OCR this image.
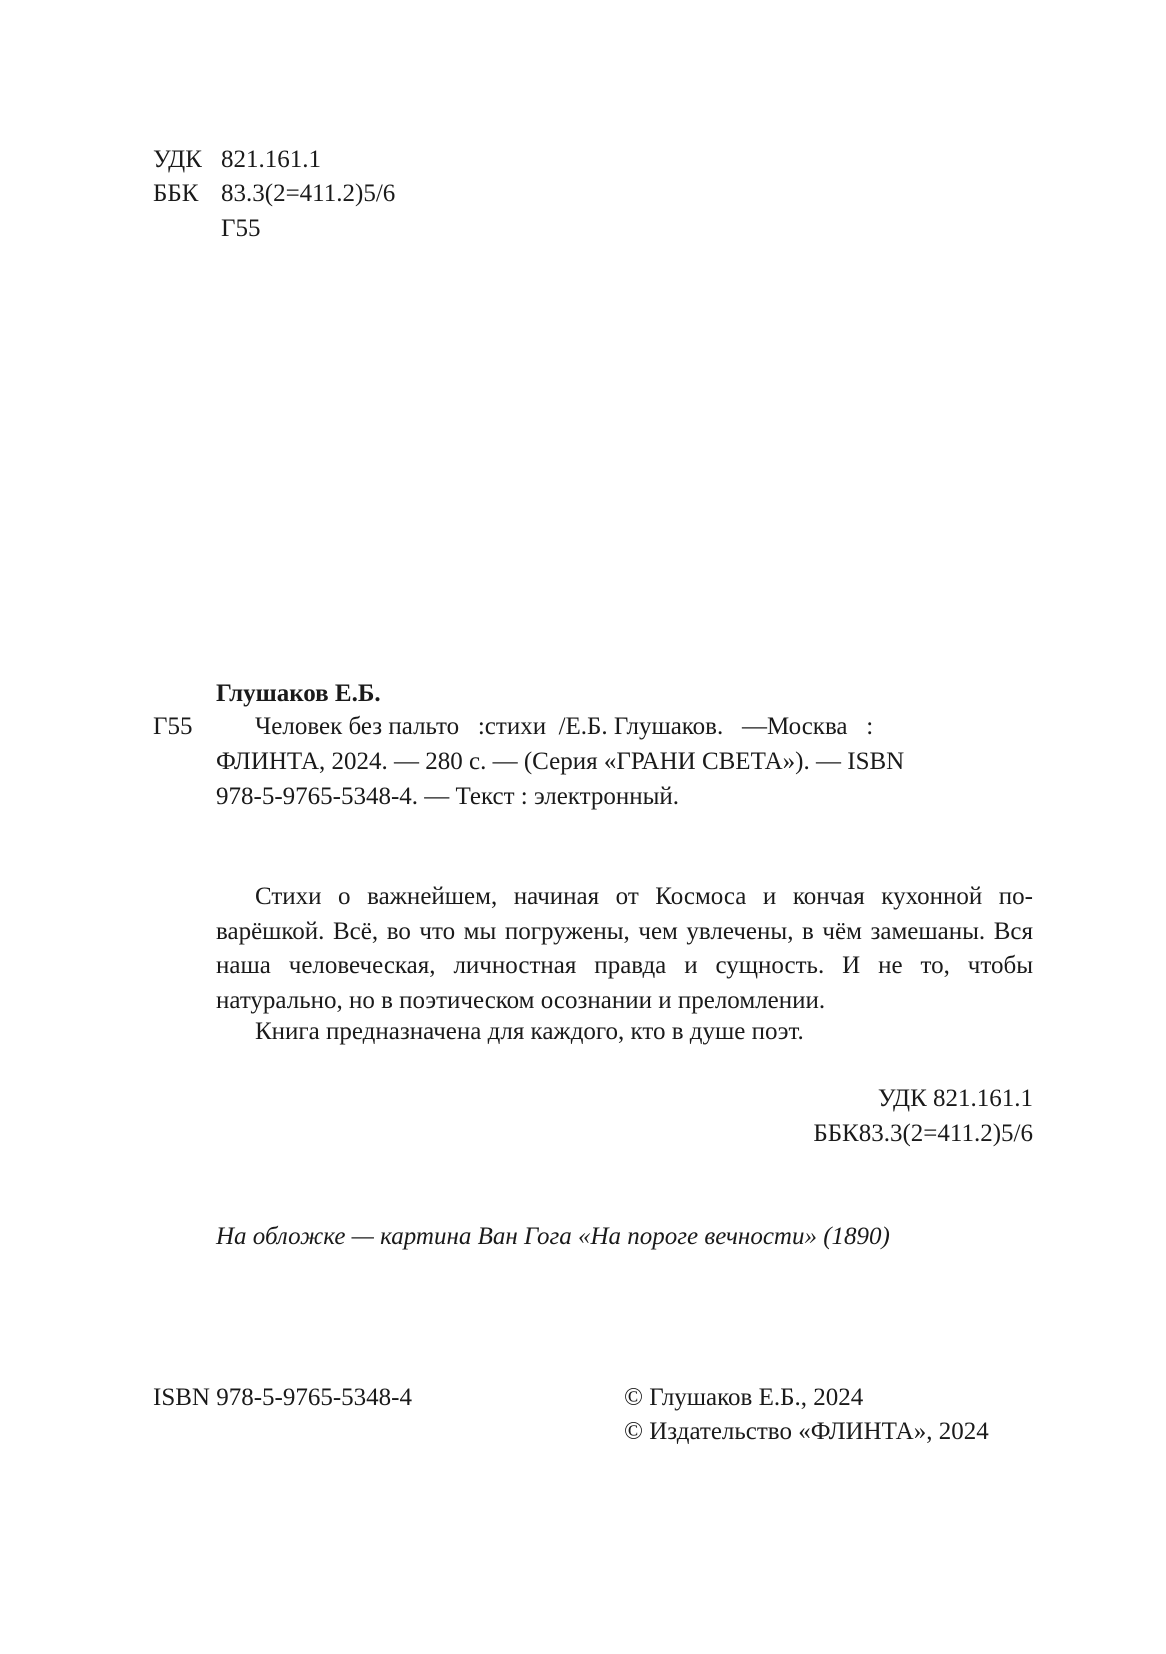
УДК 821.161.1
ББК 83.3(2=411.2)5/6
Г55
Глушаков Е.Б.
Г55	Человек без пальто   :стихи  /Е.Б. Глушаков.   —Москва   :
ФЛИНТА, 2024. — 280 с. — (Серия «ГРАНИ СВЕТА»). — ISBN
978-5-9765-5348-4. — Текст : электронный.

Стихи о важнейшем, начиная от Космоса и кончая кухонной поварёшкой. Всё, во что мы погружены, чем увлечены, в чём замешаны. Вся наша человеческая, личностная правда и сущность. И не то, чтобы натурально, но в поэтическом осознании и преломлении.

Книга предназначена для каждого, кто в душе поэт.

УДК 821.161.1
ББК83.3(2=411.2)5/6
На обложке — картина Ван Гога «На пороге вечности» (1890)
ISBN 978-5-9765-5348-4	© Глушаков Е.Б., 2024
© Издательство «ФЛИНТА», 2024
